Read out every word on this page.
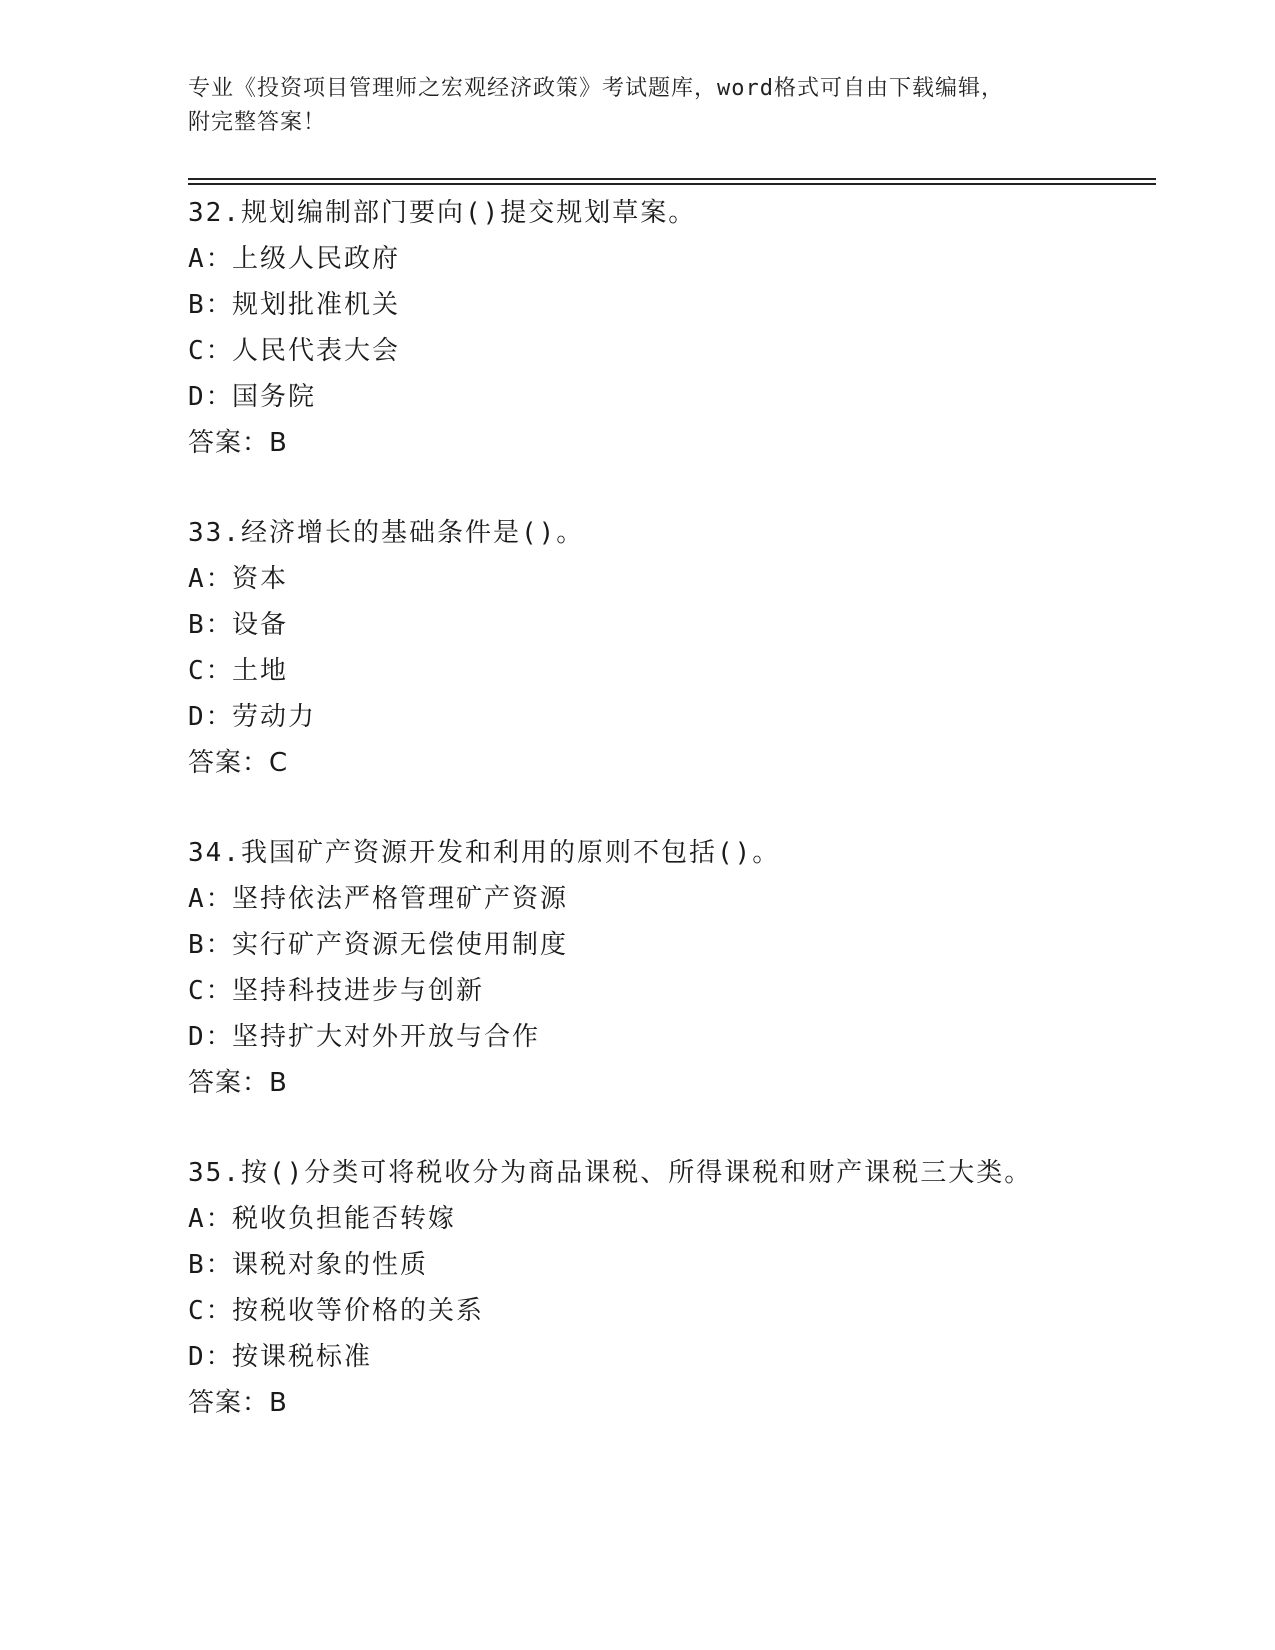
专业《投资项目管理师之宏观经济政策》考试题库，word格式可自由下载编辑，
附完整答案！
32.规划编制部门要向()提交规划草案。
A：上级人民政府
B：规划批准机关
C：人民代表大会
D：国务院
答案：B
33.经济增长的基础条件是()。
A：资本
B：设备
C：土地
D：劳动力
答案：C
34.我国矿产资源开发和利用的原则不包括()。
A：坚持依法严格管理矿产资源
B：实行矿产资源无偿使用制度
C：坚持科技进步与创新
D：坚持扩大对外开放与合作
答案：B
35.按()分类可将税收分为商品课税、所得课税和财产课税三大类。
A：税收负担能否转嫁
B：课税对象的性质
C：按税收等价格的关系
D：按课税标准
答案：B
